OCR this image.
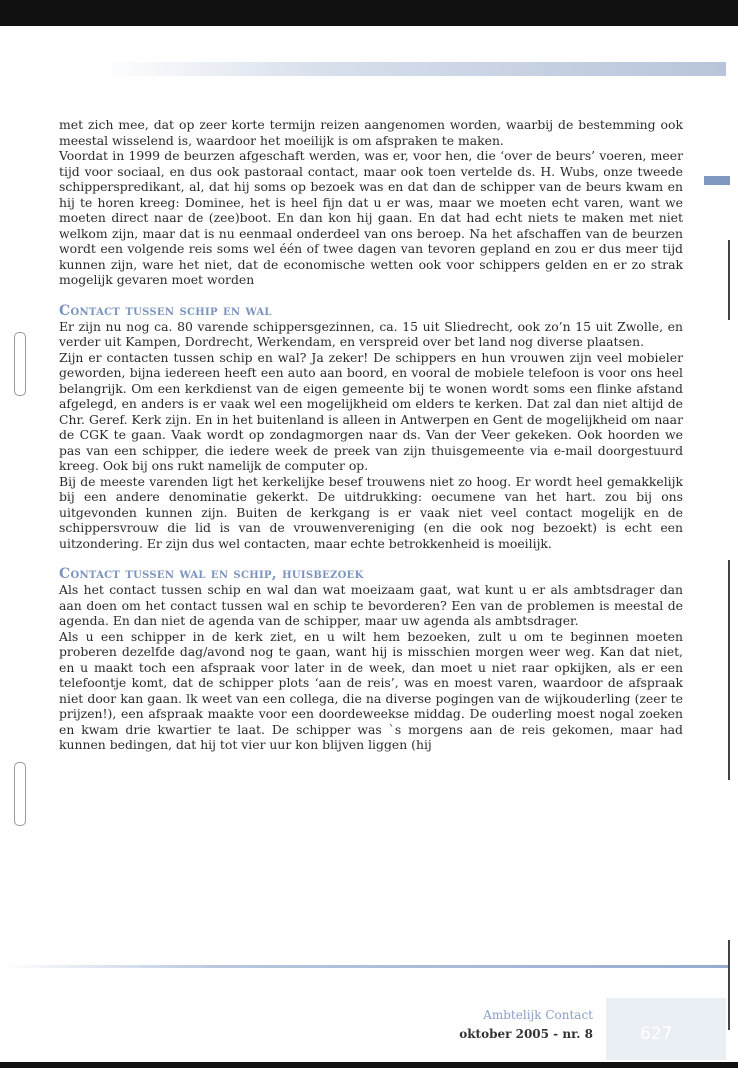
met zich mee, dat op zeer korte termijn reizen aangenomen worden, waarbij de bestemming ook meestal wisselend is, waardoor het moeilijk is om afspraken te maken.

Voordat in 1999 de beurzen afgeschaft werden, was er, voor hen, die ‘over de beurs’ voeren, meer tijd voor sociaal, en dus ook pastoraal contact, maar ook toen vertelde ds. H. Wubs, onze tweede schipperspredikant, al, dat hij soms op bezoek was en dat dan de schipper van de beurs kwam en hij te horen kreeg: Dominee, het is heel fijn dat u er was, maar we moeten echt varen, want we moeten direct naar de (zee)boot. En dan kon hij gaan. En dat had echt niets te maken met niet welkom zijn, maar dat is nu eenmaal onderdeel van ons beroep. Na het afschaffen van de beurzen wordt een volgende reis soms wel één of twee dagen van tevoren gepland en zou er dus meer tijd kunnen zijn, ware het niet, dat de economische wetten ook voor schippers gelden en er zo strak mogelijk gevaren moet worden

Contact tussen schip en wal

Er zijn nu nog ca. 80 varende schippersgezinnen, ca. 15 uit Sliedrecht, ook zo’n 15 uit Zwolle, en verder uit Kampen, Dordrecht, Werkendam, en verspreid over bet land nog diverse plaatsen.

Zijn er contacten tussen schip en wal? Ja zeker! De schippers en hun vrouwen zijn veel mobieler geworden, bijna iedereen heeft een auto aan boord, en vooral de mobiele telefoon is voor ons heel belangrijk. Om een kerkdienst van de eigen gemeente bij te wonen wordt soms een flinke afstand afgelegd, en anders is er vaak wel een mogelijkheid om elders te kerken. Dat zal dan niet altijd de Chr. Geref. Kerk zijn. En in het buitenland is alleen in Antwerpen en Gent de mogelijkheid om naar de CGK te gaan. Vaak wordt op zondagmorgen naar ds. Van der Veer gekeken. Ook hoorden we pas van een schipper, die iedere week de preek van zijn thuisgemeente via e-mail doorgestuurd kreeg. Ook bij ons rukt namelijk de computer op.

Bij de meeste varenden ligt het kerkelijke besef trouwens niet zo hoog. Er wordt heel gemakkelijk bij een andere denominatie gekerkt. De uitdrukking: oecumene van het hart. zou bij ons uitgevonden kunnen zijn. Buiten de kerkgang is er vaak niet veel contact mogelijk en de schippersvrouw die lid is van de vrouwenvereniging (en die ook nog bezoekt) is echt een uitzondering. Er zijn dus wel contacten, maar echte betrokkenheid is moeilijk.

Contact tussen wal en schip, huisbezoek

Als het contact tussen schip en wal dan wat moeizaam gaat, wat kunt u er als ambtsdrager dan aan doen om het contact tussen wal en schip te bevorderen? Een van de problemen is meestal de agenda. En dan niet de agenda van de schipper, maar uw agenda als ambtsdrager.

Als u een schipper in de kerk ziet, en u wilt hem bezoeken, zult u om te beginnen moeten proberen dezelfde dag/avond nog te gaan, want hij is misschien morgen weer weg. Kan dat niet, en u maakt toch een afspraak voor later in de week, dan moet u niet raar opkijken, als er een telefoontje komt, dat de schipper plots ‘aan de reis’, was en moest varen, waardoor de afspraak niet door kan gaan. lk weet van een collega, die na diverse pogingen van de wijkouderling (zeer te prijzen!), een afspraak maakte voor een doordeweekse middag. De ouderling moest nogal zoeken en kwam drie kwartier te laat. De schipper was `s morgens aan de reis gekomen, maar had kunnen bedingen, dat hij tot vier uur kon blijven liggen (hij

Ambtelijk Contact
oktober 2005 - nr. 8	627
